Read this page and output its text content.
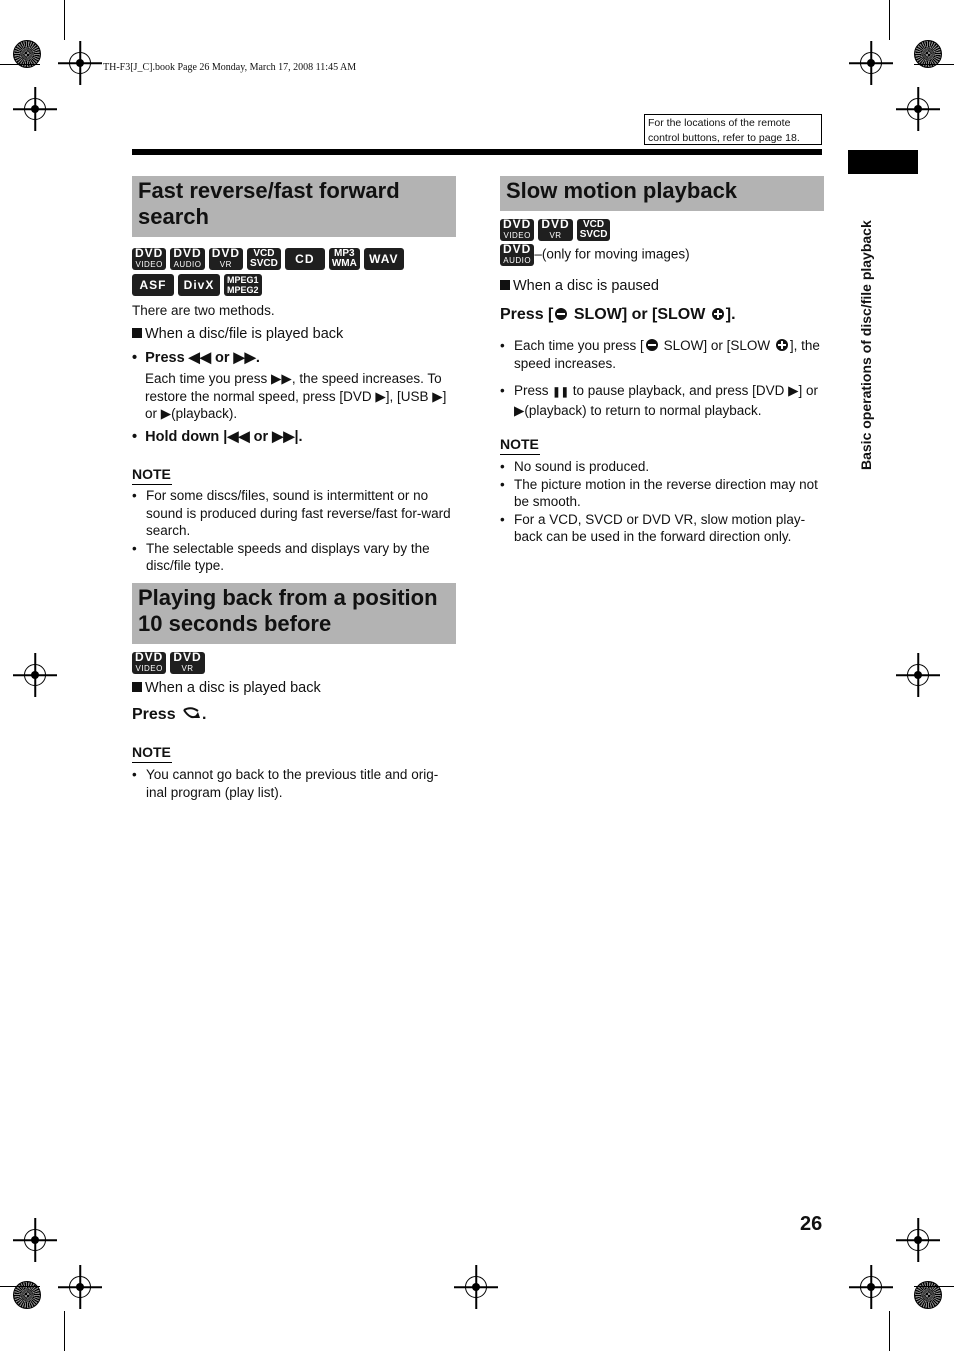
TH-F3[J_C].book Page 26 Monday, March 17, 2008 11:45 AM
For the locations of the remote control buttons, refer to page 18.
Basic operations of disc/file playback
Fast reverse/fast forward search
DVD
VIDEO
DVD
AUDIO
DVD
VR
VCD
SVCD CD MP3
WMA WAV
ASF DivX MPEG1
MPEG2
There are two methods.
When a disc/file is played back
•  Press ◀◀ or ▶▶.
Each time you press ▶▶, the speed increases. To restore the normal speed, press [DVD ▶], [USB ▶] or ▶(playback).
•  Hold down |◀◀ or ▶▶|.
NOTE
• For some discs/files, sound is intermittent or no sound is produced during fast reverse/fast for-ward search.
• The selectable speeds and displays vary by the disc/file type.
Playing back from a position 10 seconds before
DVD
VIDEO
DVD
VR
When a disc is played back
Press .
NOTE
• You cannot go back to the previous title and orig-inal program (play list).
Slow motion playback
DVD
VIDEO
DVD
VR
VCD
SVCD
DVD
AUDIO –(only for moving images)
When a disc is paused
Press [ SLOW] or [SLOW ].
• Each time you press [ SLOW] or [SLOW ], the speed increases.
• Press ❚❚ to pause playback, and press [DVD ▶] or ▶(playback) to return to normal playback.
NOTE
• No sound is produced.
• The picture motion in the reverse direction may not be smooth.
• For a VCD, SVCD or DVD VR, slow motion play-back can be used in the forward direction only.
26
